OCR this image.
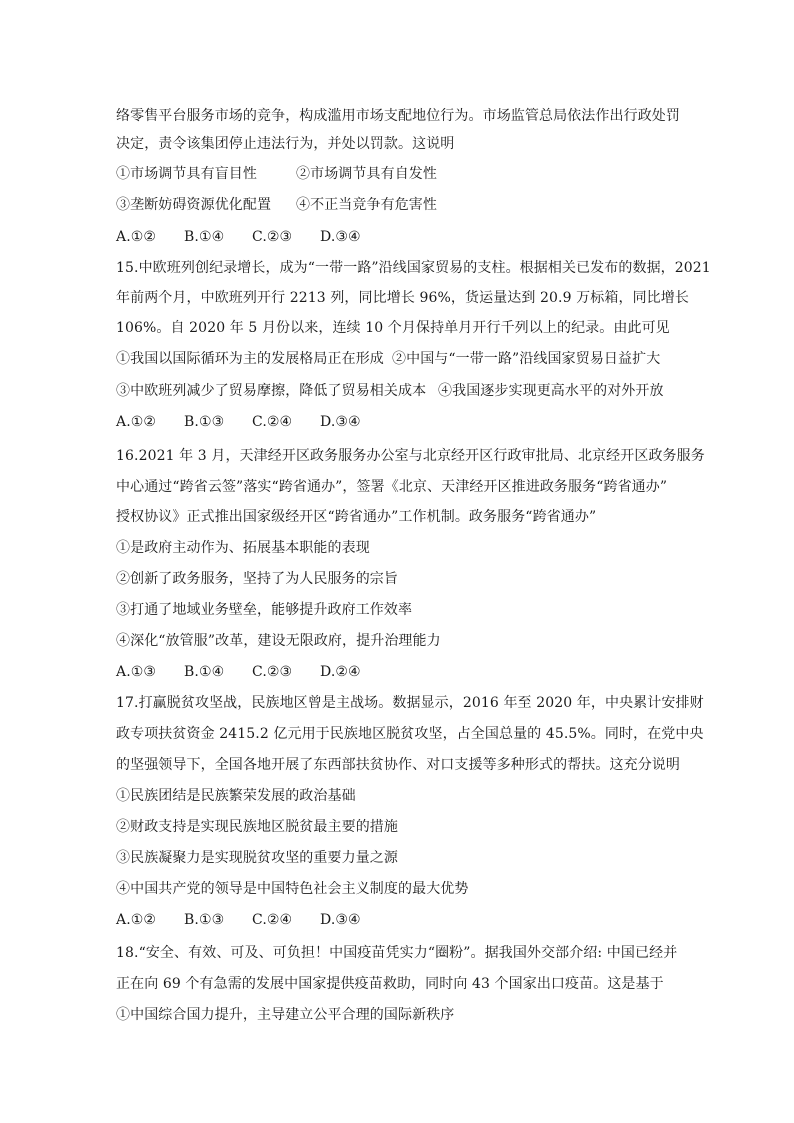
络零售平台服务市场的竞争，构成滥用市场支配地位行为。市场监管总局依法作出行政处罚
决定，责令该集团停止违法行为，并处以罚款。这说明
①市场调节具有盲目性	②市场调节具有自发性
③垄断妨碍资源优化配置	④不正当竞争有危害性
A.①②	B.①④	C.②③	D.③④
15.中欧班列创纪录增长，成为“一带一路”沿线国家贸易的支柱。根据相关已发布的数据，2021
年前两个月，中欧班列开行 2213 列，同比增长 96%，货运量达到 20.9 万标箱，同比增长
106%。自 2020 年 5 月份以来，连续 10 个月保持单月开行千列以上的纪录。由此可见
①我国以国际循环为主的发展格局正在形成 ②中国与“一带一路”沿线国家贸易日益扩大
③中欧班列减少了贸易摩擦，降低了贸易相关成本 ④我国逐步实现更高水平的对外开放
A.①②	B.①③	C.②④	D.③④
16.2021 年 3 月，天津经开区政务服务办公室与北京经开区行政审批局、北京经开区政务服务
中心通过“跨省云签”落实“跨省通办”，签署《北京、天津经开区推进政务服务“跨省通办”
授权协议》正式推出国家级经开区“跨省通办”工作机制。政务服务“跨省通办”
①是政府主动作为、拓展基本职能的表现
②创新了政务服务，坚持了为人民服务的宗旨
③打通了地域业务壁垒，能够提升政府工作效率
④深化“放管服”改革，建设无限政府，提升治理能力
A.①③	B.①④	C.②③	D.②④
17.打赢脱贫攻坚战，民族地区曾是主战场。数据显示，2016 年至 2020 年，中央累计安排财
政专项扶贫资金 2415.2 亿元用于民族地区脱贫攻坚，占全国总量的 45.5%。同时，在党中央
的坚强领导下，全国各地开展了东西部扶贫协作、对口支援等多种形式的帮扶。这充分说明
①民族团结是民族繁荣发展的政治基础
②财政支持是实现民族地区脱贫最主要的措施
③民族凝聚力是实现脱贫攻坚的重要力量之源
④中国共产党的领导是中国特色社会主义制度的最大优势
A.①②	B.①③	C.②④	D.③④
18.“安全、有效、可及、可负担！中国疫苗凭实力“圈粉”。据我国外交部介绍: 中国已经并
正在向 69 个有急需的发展中国家提供疫苗救助，同时向 43 个国家出口疫苗。这是基于
①中国综合国力提升，主导建立公平合理的国际新秩序
